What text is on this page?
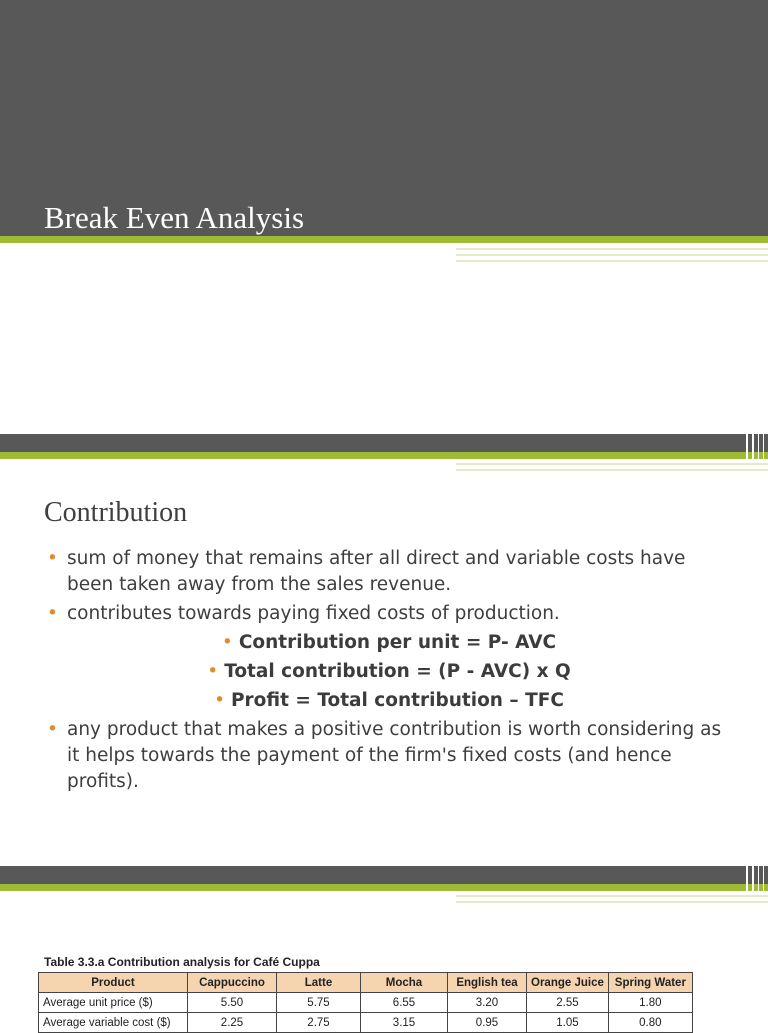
Break Even Analysis
Contribution
• sum of money that remains after all direct and variable costs have been taken away from the sales revenue.
• contributes towards paying fixed costs of production.
• Contribution per unit = P- AVC
• Total contribution = (P - AVC) x Q
• Profit = Total contribution – TFC
• any product that makes a positive contribution is worth considering as it helps towards the payment of the firm's fixed costs (and hence profits).
Table 3.3.a Contribution analysis for Café Cuppa
Product	Cappuccino	Latte	Mocha	English tea	Orange Juice	Spring Water
Average unit price ($)	5.50	5.75	6.55	3.20	2.55	1.80
Average variable cost ($)	2.25	2.75	3.15	0.95	1.05	0.80
